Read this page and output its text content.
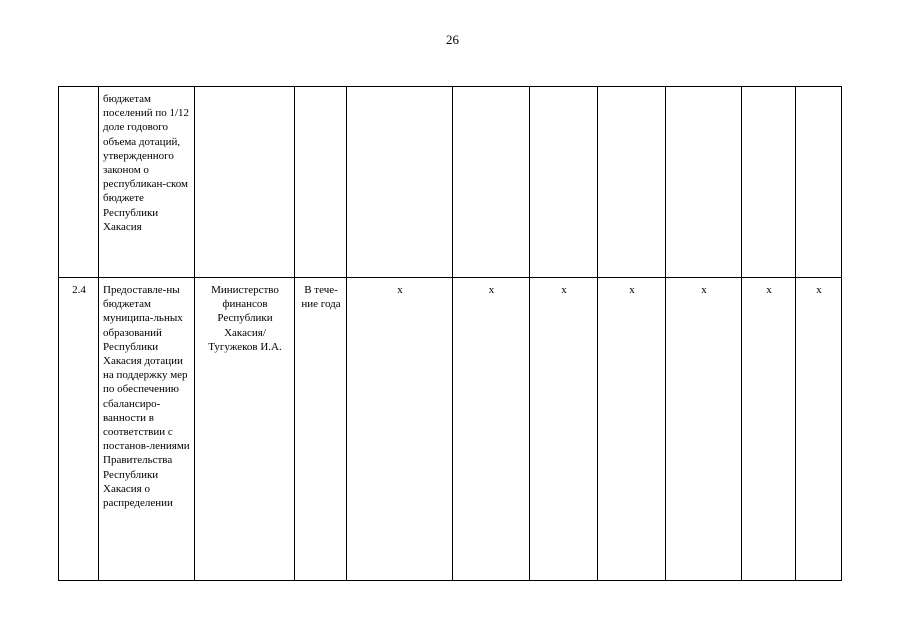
26
	бюджетам поселений по 1/12 доле годового объема дотаций, утвержденного законом о республикан-ском бюджете Республики Хакасия									
2.4	Предоставле-ны бюджетам муниципа-льных образований Республики Хакасия дотации на поддержку мер по обеспечению сбалансиро-ванности в соответствии с постанов-лениями Правительства Республики Хакасия о распределении	Министерство финансов Республики Хакасия/ Тугужеков И.А.	В тече-ние года	х	х	х	х	х	х	х
